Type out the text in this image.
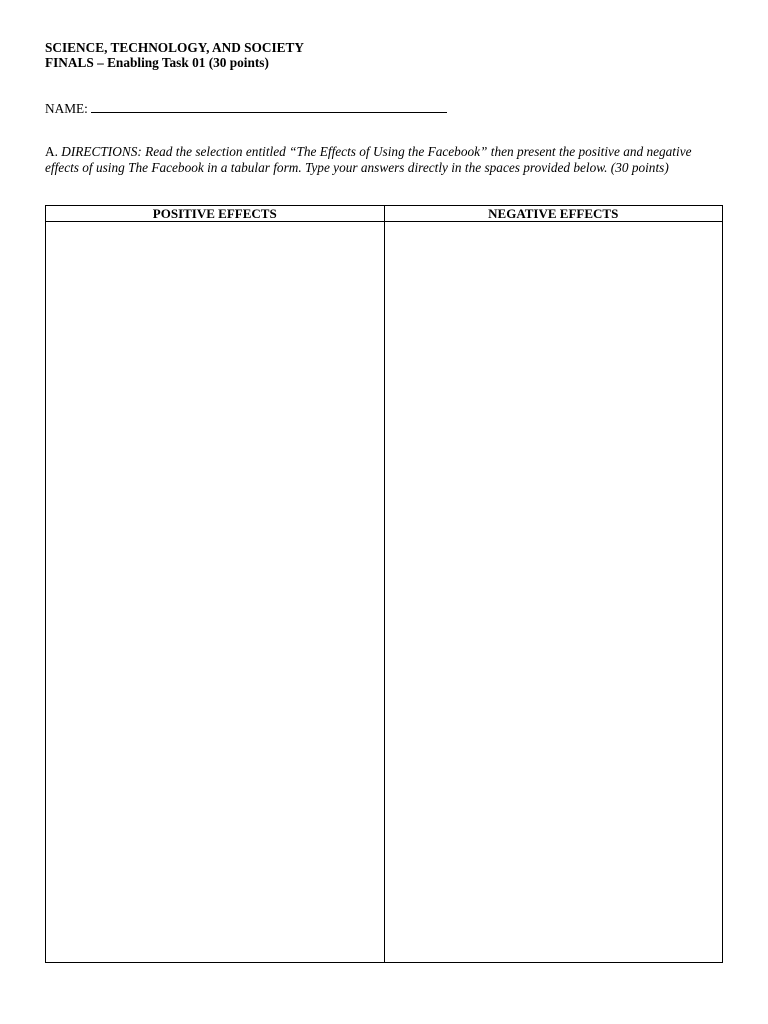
SCIENCE, TECHNOLOGY, AND SOCIETY
FINALS – Enabling Task 01 (30 points)
NAME:
A. DIRECTIONS: Read the selection entitled “The Effects of Using the Facebook” then present the positive and negative effects of using The Facebook in a tabular form. Type your answers directly in the spaces provided below. (30 points)
POSITIVE EFFECTS	NEGATIVE EFFECTS
